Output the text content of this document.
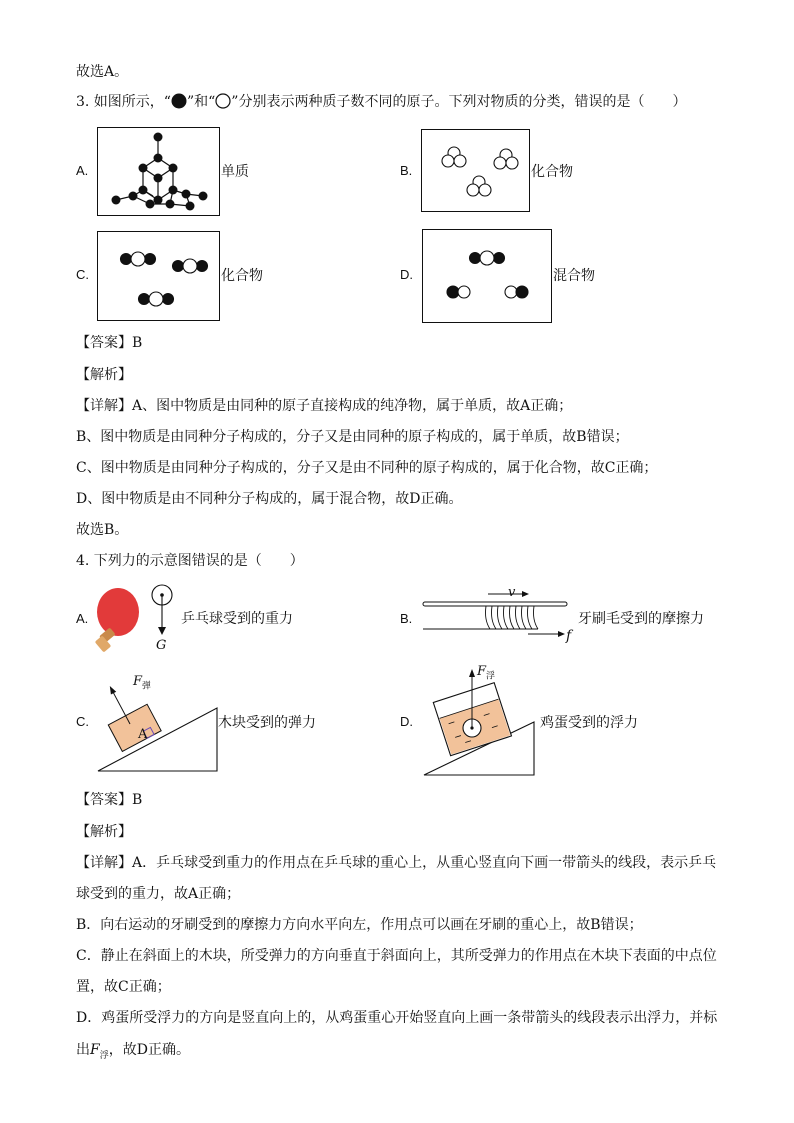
故选A。
3. 如图所示，“ ”和“ ”分别表示两种质子数不同的原子。下列对物质的分类，错误的是（　　）
A.	单质	B.	化合物
C.	化合物	D.	混合物
【答案】B
【解析】
【详解】A、图中物质是由同种的原子直接构成的纯净物，属于单质，故A正确；
B、图中物质是由同种分子构成的，分子又是由同种的原子构成的，属于单质，故B错误；
C、图中物质是由同种分子构成的，分子又是由不同种的原子构成的，属于化合物，故C正确；
D、图中物质是由不同种分子构成的，属于混合物，故D正确。
故选B。
4. 下列力的示意图错误的是（　　）
A.
G
乒乓球受到的重力	B.
v
f
牙刷毛受到的摩擦力
C.
$F_弹$
A
木块受到的弹力	D.
$F_浮$
鸡蛋受到的浮力
【答案】B
【解析】
【详解】A．乒乓球受到重力的作用点在乒乓球的重心上，从重心竖直向下画一带箭头的线段，表示乒乓
球受到的重力，故A正确；
B．向右运动的牙刷受到的摩擦力方向水平向左，作用点可以画在牙刷的重心上，故B错误；
C．静止在斜面上的木块，所受弹力的方向垂直于斜面向上，其所受弹力的作用点在木块下表面的中点位
置，故C正确；
D．鸡蛋所受浮力的方向是竖直向上的，从鸡蛋重心开始竖直向上画一条带箭头的线段表示出浮力，并标
出$F_浮$，故D正确。
